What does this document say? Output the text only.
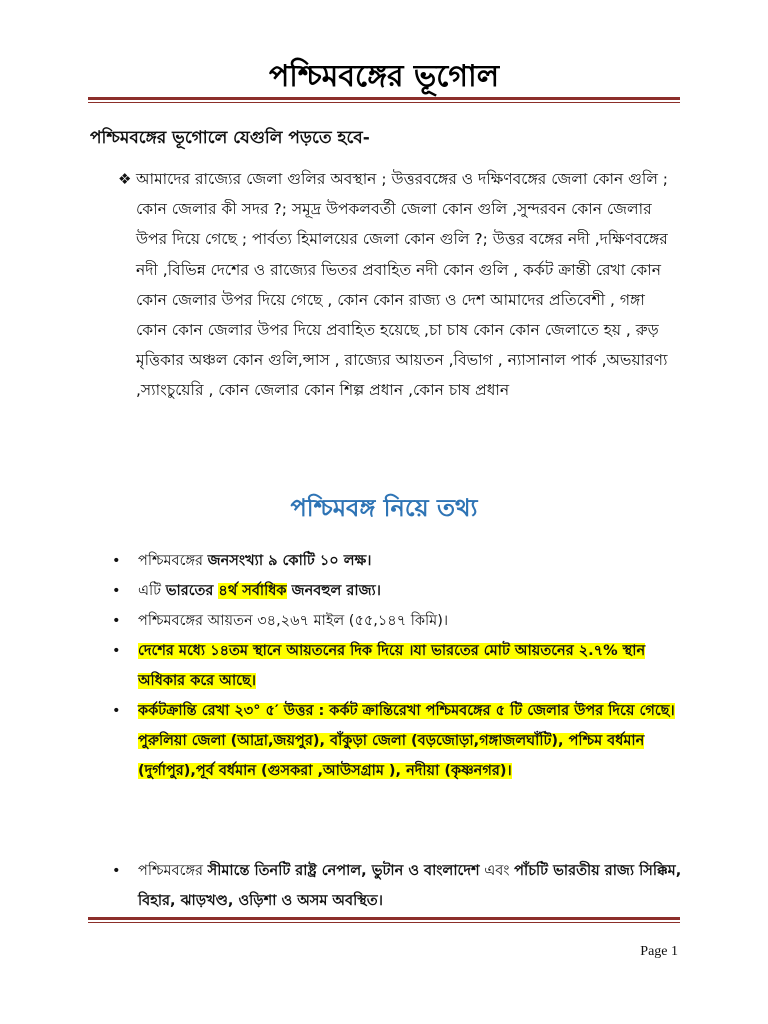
পশ্চিমবঙ্গের ভূগোল
পশ্চিমবঙ্গের ভূগোলে যেগুলি পড়তে হবে-
❖ আমাদের রাজ্যের জেলা গুলির অবস্থান ; উত্তরবঙ্গের ও দক্ষিণবঙ্গের জেলা কোন গুলি ; কোন জেলার কী সদর ?; সমূদ্র উপকলবর্তী জেলা কোন গুলি ,সুন্দরবন কোন জেলার উপর দিয়ে গেছে ; পার্বত্য হিমালয়ের জেলা কোন গুলি ?; উত্তর বঙ্গের নদী ,দক্ষিণবঙ্গের নদী ,বিভিন্ন দেশের ও রাজ্যের ভিতর প্রবাহিত নদী কোন গুলি , কর্কট ক্রান্তী রেখা কোন কোন জেলার উপর দিয়ে গেছে , কোন কোন রাজ্য ও দেশ আমাদের প্রতিবেশী , গঙ্গা কোন কোন জেলার উপর দিয়ে প্রবাহিত হয়েছে ,চা চাষ কোন কোন জেলাতে হয় , রুড় মৃত্তিকার অঞ্চল কোন গুলি,ন্সাস , রাজ্যের আয়তন ,বিভাগ , ন্যাসানাল পার্ক ,অভয়ারণ্য ,স্যাংচুয়েরি , কোন জেলার কোন শিল্প প্রধান ,কোন চাষ প্রধান

পশ্চিমবঙ্গ নিয়ে তথ্য
• পশ্চিমবঙ্গের জনসংখ্যা ৯ কোটি ১০ লক্ষ।
• এটি ভারতের ৪র্থ সর্বাধিক জনবহুল রাজ্য।
• পশ্চিমবঙ্গের আয়তন ৩৪,২৬৭ মাইল (৫৫,১৪৭ কিমি)।
• দেশের মধ্যে ১৪তম স্থানে আয়তনের দিক দিয়ে ।যা ভারতের মোট আয়তনের ২.৭% স্থান অধিকার করে আছে।
• কর্কটক্রান্তি রেখা ২৩° ৫′ উত্তর : কর্কট ক্রান্তিরেখা পশ্চিমবঙ্গের ৫ টি জেলার উপর দিয়ে গেছে। পুরুলিয়া জেলা (আদ্রা,জয়পুর), বাঁকুড়া জেলা (বড়জোড়া,গঙ্গাজলঘাঁটি), পশ্চিম বর্ধমান (দুর্গাপুর),পূর্ব বর্ধমান (গুসকরা ,আউসগ্রাম ), নদীয়া (কৃষ্ণনগর)।
• পশ্চিমবঙ্গের সীমান্তে তিনটি রাষ্ট্র নেপাল, ভুটান ও বাংলাদেশ এবং পাঁচটি ভারতীয় রাজ্য সিক্কিম, বিহার, ঝাড়খণ্ড, ওড়িশা ও অসম অবস্থিত।
Page 1
